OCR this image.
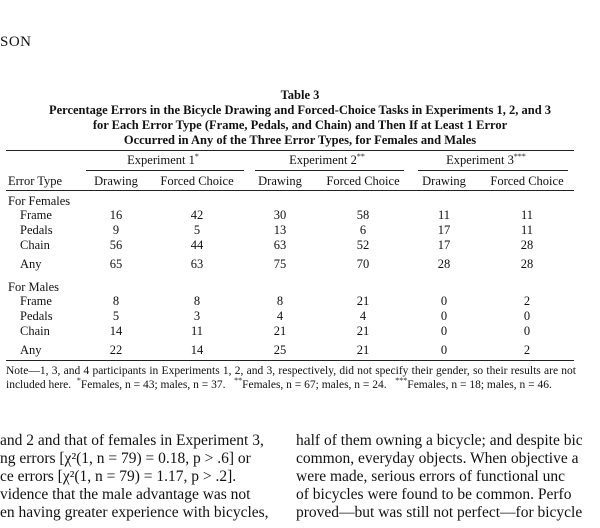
SON
Table 3
Percentage Errors in the Bicycle Drawing and Forced-Choice Tasks in Experiments 1, 2, and 3
for Each Error Type (Frame, Pedals, and Chain) and Then If at Least 1 Error
Occurred in Any of the Three Error Types, for Females and Males
Experiment 1*	Experiment 2**	Experiment 3***
Error Type	Drawing Forced Choice Drawing Forced Choice Drawing Forced Choice
For Females
Frame	16	42	30	58	11	11
Pedals	9	5	13	6	17	11
Chain	56	44	63	52	17	28
Any	65	63	75	70	28	28
For Males
Frame	8	8	8	21	0	2
Pedals	5	3	4	4	0	0
Chain	14	11	21	21	0	0
Any	22	14	25	21	0	2

Note—1, 3, and 4 participants in Experiments 1, 2, and 3, respectively, did not specify their gender, so their results are not included here. *Females, n = 43; males, n = 37. **Females, n = 67; males, n = 24. ***Females, n = 18; males, n = 46.

and 2 and that of females in Experiment 3,

ng errors [χ²(1, n = 79) = 0.18, p > .6] or

ce errors [χ²(1, n = 79) = 1.17, p > .2].

vidence that the male advantage was not

en having greater experience with bicycles,

half of them owning a bicycle; and despite bic

common, everyday objects. When objective a

were made, serious errors of functional unc

of bicycles were found to be common. Perfo

proved—but was still not perfect—for bicycle
